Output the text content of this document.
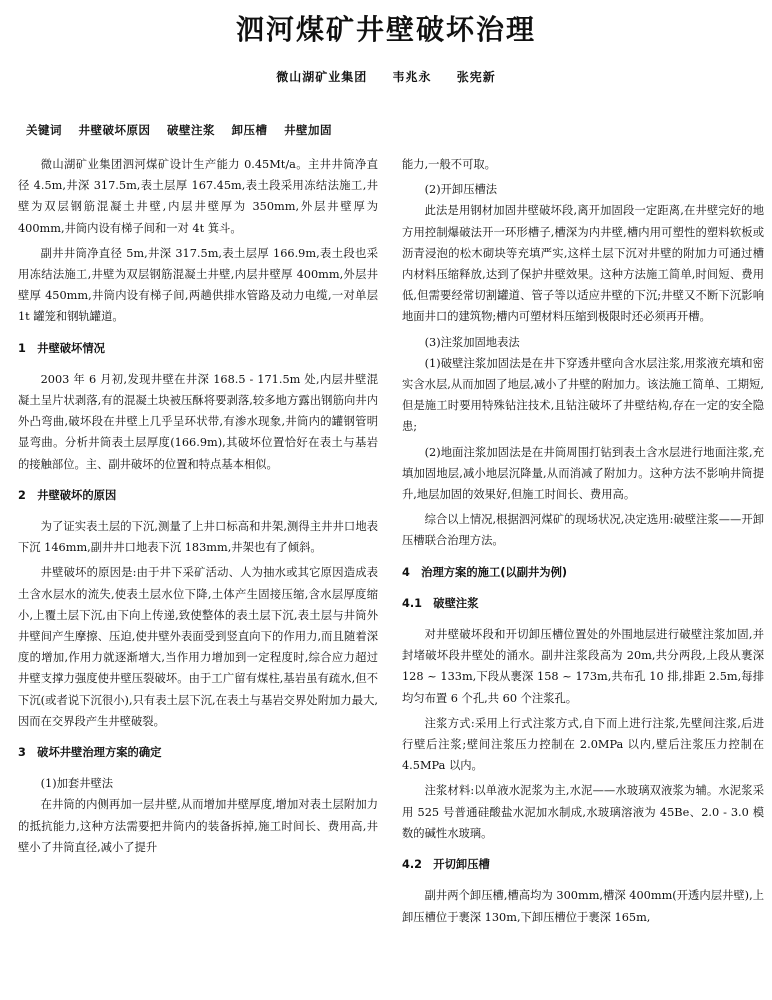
泗河煤矿井壁破坏治理
微山湖矿业集团 韦兆永 张宪新
关键词 井壁破坏原因 破壁注浆 卸压槽 井壁加固

微山湖矿业集团泗河煤矿设计生产能力 0.45Mt/a。主井井筒净直径 4.5m,井深 317.5m,表土层厚 167.45m,表土段采用冻结法施工,井壁为双层钢筋混凝土井壁,内层井壁厚为 350mm,外层井壁厚为 400mm,井筒内设有梯子间和一对 4t 箕斗。

副井井筒净直径 5m,井深 317.5m,表土层厚 166.9m,表土段也采用冻结法施工,井壁为双层钢筋混凝土井壁,内层井壁厚 400mm,外层井壁厚 450mm,井筒内设有梯子间,两趟供排水管路及动力电缆,一对单层 1t 罐笼和钢轨罐道。

1　井壁破坏情况

2003 年 6 月初,发现井壁在井深 168.5 - 171.5m 处,内层井壁混凝土呈片状剥落,有的混凝土块被压酥将要剥落,较多地方露出钢筋向井内外凸弯曲,破坏段在井壁上几乎呈环状带,有渗水现象,井筒内的罐钢管明显弯曲。分析井筒表土层厚度(166.9m),其破坏位置恰好在表土与基岩的接触部位。主、副井破坏的位置和特点基本相似。

2　井壁破坏的原因

为了证实表土层的下沉,测量了上井口标高和井架,测得主井井口地表下沉 146mm,副井井口地表下沉 183mm,井架也有了倾斜。

井壁破坏的原因是:由于井下采矿活动、人为抽水或其它原因造成表土含水层水的流失,使表土层水位下降,土体产生固接压缩,含水层厚度缩小,上覆土层下沉,由下向上传递,致使整体的表土层下沉,表土层与井筒外井壁间产生摩擦、压迫,使井壁外表面受到竖直向下的作用力,而且随着深度的增加,作用力就逐渐增大,当作用力增加到一定程度时,综合应力超过井壁支撑力强度使井壁压裂破坏。由于工广留有煤柱,基岩虽有疏水,但不下沉(或者说下沉很小),只有表土层下沉,在表土与基岩交界处附加力最大,因而在交界段产生井壁破裂。

3　破坏井壁治理方案的确定

(1)加套井壁法

在井筒的内侧再加一层井壁,从而增加井壁厚度,增加对表土层附加力的抵抗能力,这种方法需要把井筒内的装备拆掉,施工时间长、费用高,井壁小了井筒直径,减小了提升

能力,一般不可取。

(2)开卸压槽法

此法是用钢材加固井壁破坏段,离开加固段一定距离,在井壁完好的地方用控制爆破法开一环形槽子,槽深为内井壁,槽内用可塑性的塑料软板或沥青浸泡的松木砌块等充填严实,这样土层下沉对井壁的附加力可通过槽内材料压缩释放,达到了保护井壁效果。这种方法施工简单,时间短、费用低,但需要经常切割罐道、管子等以适应井壁的下沉;井壁又不断下沉影响地面井口的建筑物;槽内可塑材料压缩到极限时还必须再开槽。

(3)注浆加固地表法

(1)破壁注浆加固法是在井下穿透井壁向含水层注浆,用浆液充填和密实含水层,从而加固了地层,减小了井壁的附加力。该法施工简单、工期短,但是施工时要用特殊钻注技术,且钻注破坏了井壁结构,存在一定的安全隐患;

(2)地面注浆加固法是在井筒周围打钻到表土含水层进行地面注浆,充填加固地层,减小地层沉降量,从而消减了附加力。这种方法不影响井筒提升,地层加固的效果好,但施工时间长、费用高。

综合以上情况,根据泗河煤矿的现场状况,决定选用:破壁注浆——开卸压槽联合治理方法。

4　治理方案的施工(以副井为例)
4.1　破壁注浆

对井壁破坏段和开切卸压槽位置处的外围地层进行破壁注浆加固,并封堵破坏段井壁处的涌水。副井注浆段高为 20m,共分两段,上段从裹深 128 ~ 133m,下段从裹深 158 ~ 173m,共布孔 10 排,排距 2.5m,每排均匀布置 6 个孔,共 60 个注浆孔。

注浆方式:采用上行式注浆方式,自下而上进行注浆,先壁间注浆,后进行壁后注浆;壁间注浆压力控制在 2.0MPa 以内,壁后注浆压力控制在 4.5MPa 以内。

注浆材料:以单液水泥浆为主,水泥——水玻璃双液浆为辅。水泥浆采用 525 号普通硅酸盐水泥加水制成,水玻璃溶液为 45Be、2.0 - 3.0 模数的碱性水玻璃。

4.2　开切卸压槽

副井两个卸压槽,槽高均为 300mm,槽深 400mm(开透内层井壁),上卸压槽位于裹深 130m,下卸压槽位于裹深 165m,
